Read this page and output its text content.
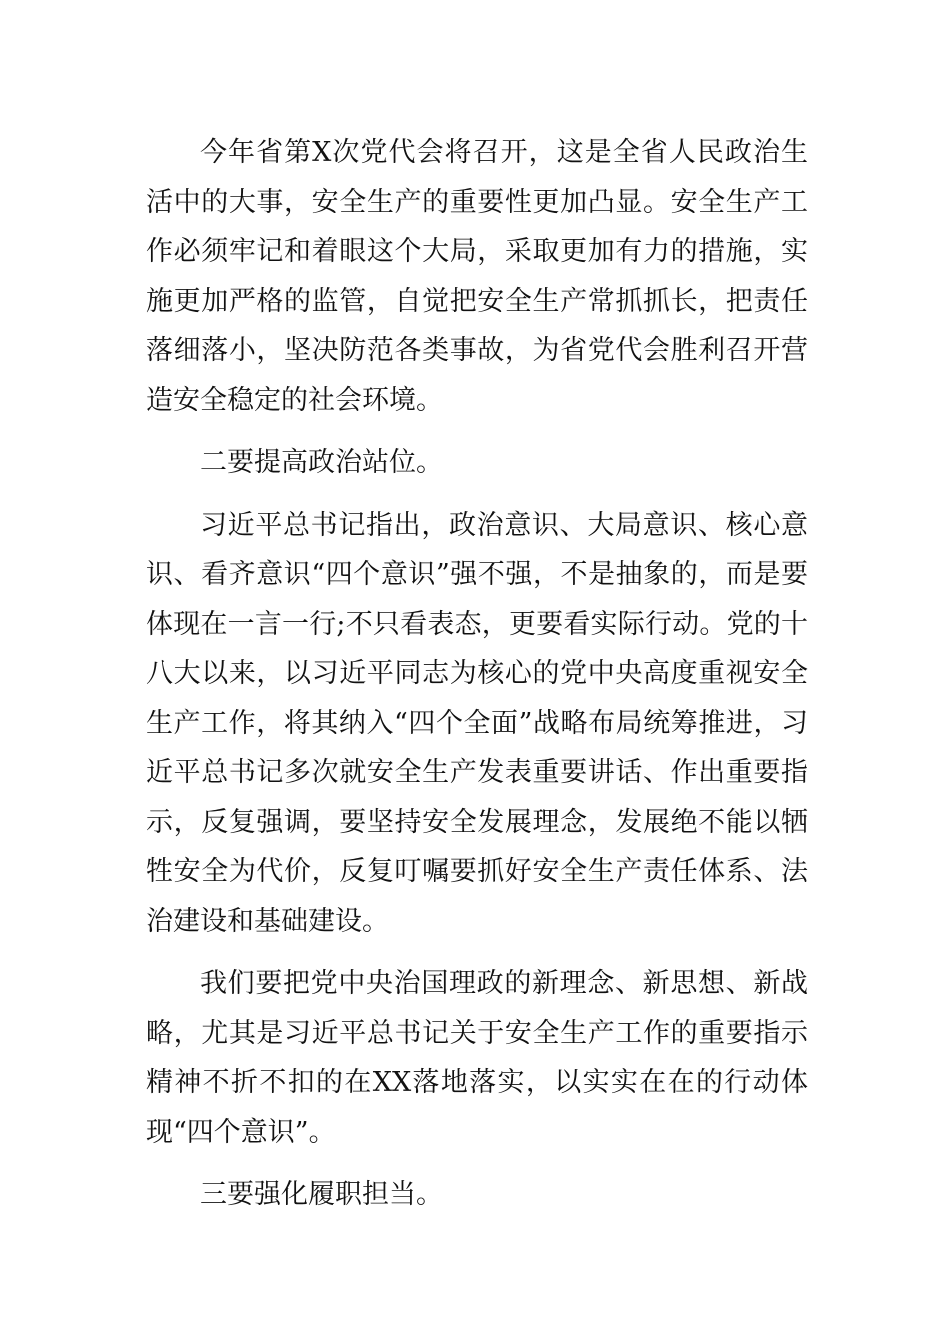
今年省第X次党代会将召开，这是全省人民政治生活中的大事，安全生产的重要性更加凸显。安全生产工作必须牢记和着眼这个大局，采取更加有力的措施，实施更加严格的监管，自觉把安全生产常抓抓长，把责任落细落小，坚决防范各类事故，为省党代会胜利召开营造安全稳定的社会环境。

二要提高政治站位。

习近平总书记指出，政治意识、大局意识、核心意识、看齐意识“四个意识”强不强，不是抽象的，而是要体现在一言一行;不只看表态，更要看实际行动。党的十八大以来，以习近平同志为核心的党中央高度重视安全生产工作，将其纳入“四个全面”战略布局统筹推进，习近平总书记多次就安全生产发表重要讲话、作出重要指示，反复强调，要坚持安全发展理念，发展绝不能以牺牲安全为代价，反复叮嘱要抓好安全生产责任体系、法治建设和基础建设。

我们要把党中央治国理政的新理念、新思想、新战略，尤其是习近平总书记关于安全生产工作的重要指示精神不折不扣的在XX落地落实，以实实在在的行动体现“四个意识”。

三要强化履职担当。
